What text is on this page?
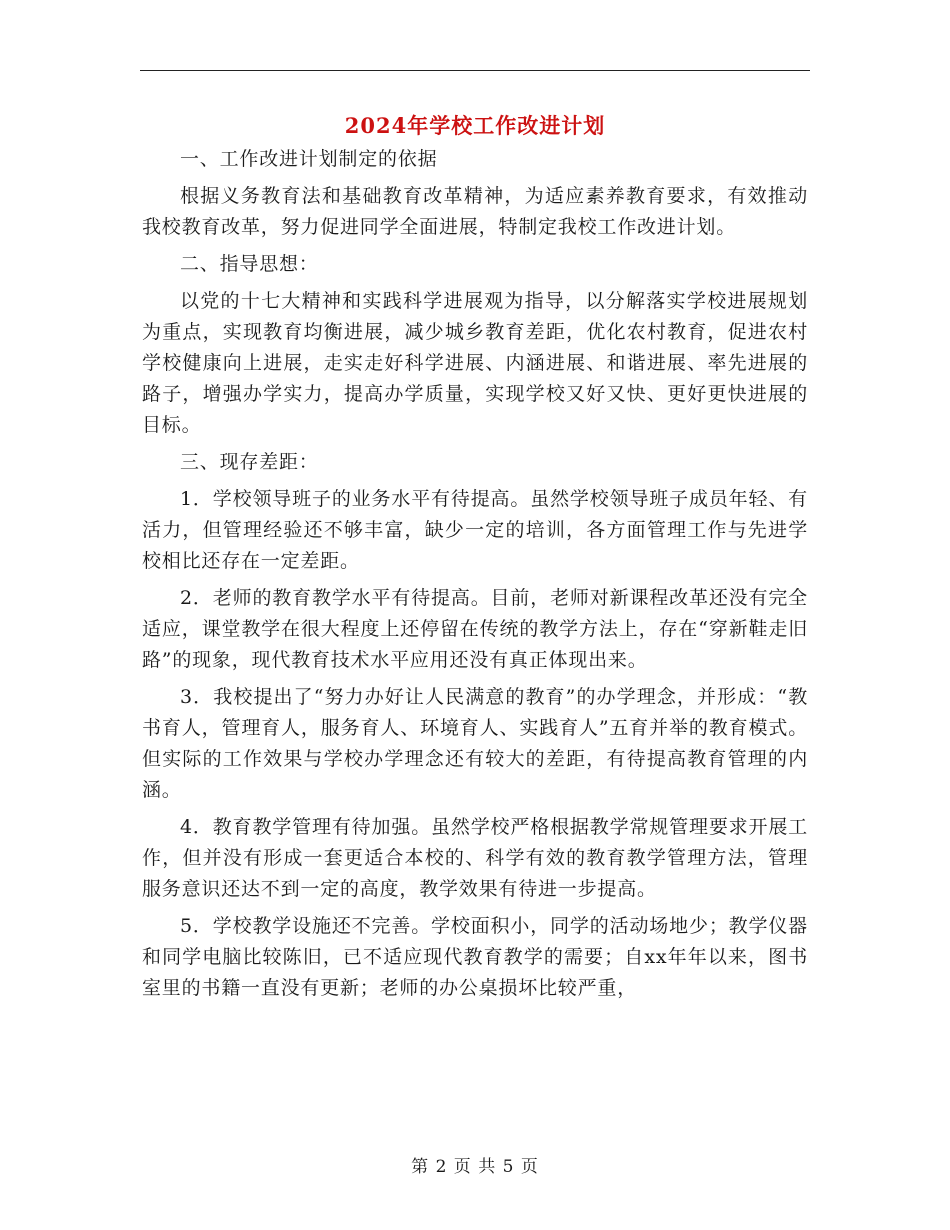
2024年学校工作改进计划
一、工作改进计划制定的依据
根据义务教育法和基础教育改革精神，为适应素养教育要求，有效推动我校教育改革，努力促进同学全面进展，特制定我校工作改进计划。
二、指导思想：
以党的十七大精神和实践科学进展观为指导，以分解落实学校进展规划为重点，实现教育均衡进展，减少城乡教育差距，优化农村教育，促进农村学校健康向上进展，走实走好科学进展、内涵进展、和谐进展、率先进展的路子，增强办学实力，提高办学质量，实现学校又好又快、更好更快进展的目标。
三、现存差距：
1．学校领导班子的业务水平有待提高。虽然学校领导班子成员年轻、有活力，但管理经验还不够丰富，缺少一定的培训，各方面管理工作与先进学校相比还存在一定差距。
2．老师的教育教学水平有待提高。目前，老师对新课程改革还没有完全适应，课堂教学在很大程度上还停留在传统的教学方法上，存在“穿新鞋走旧路”的现象，现代教育技术水平应用还没有真正体现出来。
3．我校提出了“努力办好让人民满意的教育”的办学理念，并形成：“教书育人，管理育人，服务育人、环境育人、实践育人”五育并举的教育模式。但实际的工作效果与学校办学理念还有较大的差距，有待提高教育管理的内涵。
4．教育教学管理有待加强。虽然学校严格根据教学常规管理要求开展工作，但并没有形成一套更适合本校的、科学有效的教育教学管理方法，管理服务意识还达不到一定的高度，教学效果有待进一步提高。
5．学校教学设施还不完善。学校面积小，同学的活动场地少；教学仪器和同学电脑比较陈旧，已不适应现代教育教学的需要；自xx年年以来，图书室里的书籍一直没有更新；老师的办公桌损坏比较严重，
第 2 页 共 5 页
